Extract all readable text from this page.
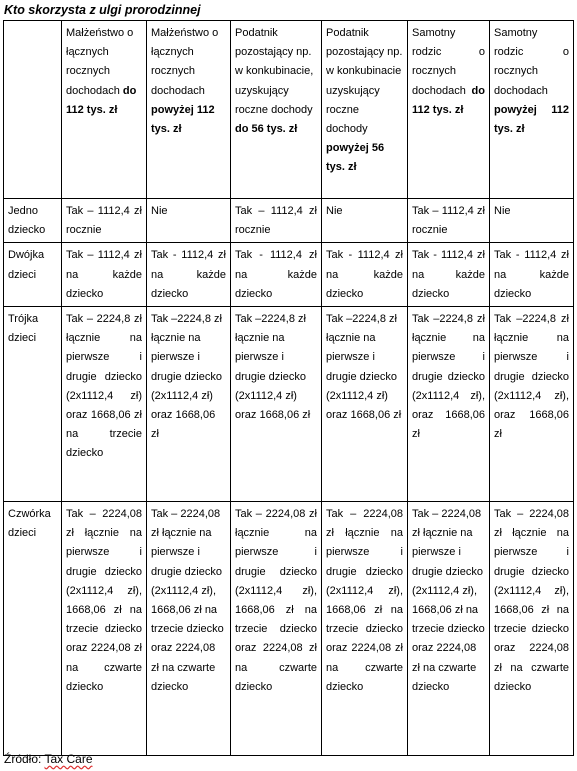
Kto skorzysta z ulgi prorodzinnej
	Małżeństwo o łącznych rocznych dochodach do 112 tys. zł	Małżeństwo o łącznych rocznych dochodach powyżej 112 tys. zł	Podatnik pozostający np. w konkubinacie, uzyskujący roczne dochody do 56 tys. zł	Podatnik pozostający np. w konkubinacie uzyskujący roczne dochody powyżej 56 tys. zł	Samotny rodzic o rocznych dochodach do 112 tys. zł	Samotny rodzic o rocznych dochodach powyżej 112 tys. zł
Jedno dziecko	Tak – 1112,4 zł rocznie	Nie	Tak – 1112,4 zł rocznie	Nie	Tak – 1112,4 zł rocznie	Nie
Dwójka dzieci	Tak – 1112,4 zł na każde dziecko	Tak - 1112,4 zł na każde dziecko	Tak - 1112,4 zł na każde dziecko	Tak - 1112,4 zł na każde dziecko	Tak - 1112,4 zł na każde dziecko	Tak - 1112,4 zł na każde dziecko
Trójka dzieci	Tak – 2224,8 zł łącznie na pierwsze i drugie dziecko (2x1112,4 zł) oraz 1668,06 zł na trzecie dziecko	Tak –2224,8 zł łącznie na pierwsze i drugie dziecko (2x1112,4 zł) oraz 1668,06 zł	Tak –2224,8 zł łącznie na pierwsze i drugie dziecko (2x1112,4 zł) oraz 1668,06 zł	Tak –2224,8 zł łącznie na pierwsze i drugie dziecko (2x1112,4 zł) oraz 1668,06 zł	Tak –2224,8 zł łącznie na pierwsze i drugie dziecko (2x1112,4 zł), oraz 1668,06 zł	Tak –2224,8 zł łącznie na pierwsze i drugie dziecko (2x1112,4 zł), oraz 1668,06 zł
Czwórka dzieci	Tak – 2224,08 zł łącznie na pierwsze i drugie dziecko (2x1112,4 zł), 1668,06 zł na trzecie dziecko oraz 2224,08 zł na czwarte dziecko	Tak – 2224,08 zł łącznie na pierwsze i drugie dziecko (2x1112,4 zł), 1668,06 zł na trzecie dziecko oraz 2224,08 zł na czwarte dziecko	Tak – 2224,08 zł łącznie na pierwsze i drugie dziecko (2x1112,4 zł), 1668,06 zł na trzecie dziecko oraz 2224,08 zł na czwarte dziecko	Tak – 2224,08 zł łącznie na pierwsze i drugie dziecko (2x1112,4 zł), 1668,06 zł na trzecie dziecko oraz 2224,08 zł na czwarte dziecko	Tak – 2224,08 zł łącznie na pierwsze i drugie dziecko (2x1112,4 zł), 1668,06 zł na trzecie dziecko oraz 2224,08 zł na czwarte dziecko	Tak – 2224,08 zł łącznie na pierwsze i drugie dziecko (2x1112,4 zł), 1668,06 zł na trzecie dziecko oraz 2224,08 zł na czwarte dziecko
Źródło: Tax Care
